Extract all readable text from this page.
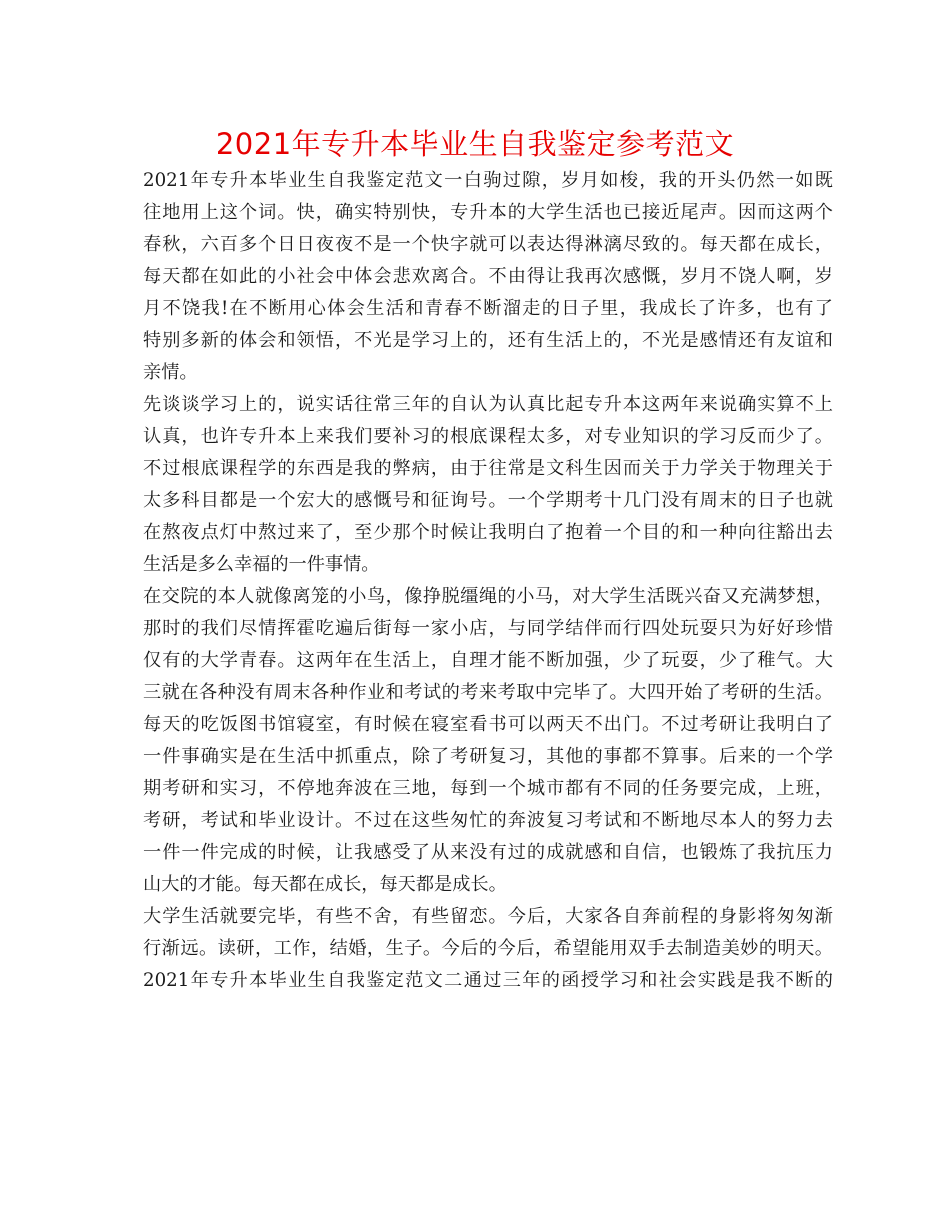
2021年专升本毕业生自我鉴定参考范文
2021年专升本毕业生自我鉴定范文一白驹过隙，岁月如梭，我的开头仍然一如既
往地用上这个词。快，确实特别快，专升本的大学生活也已接近尾声。因而这两个
春秋，六百多个日日夜夜不是一个快字就可以表达得淋漓尽致的。每天都在成长，
每天都在如此的小社会中体会悲欢离合。不由得让我再次感慨，岁月不饶人啊，岁
月不饶我!在不断用心体会生活和青春不断溜走的日子里，我成长了许多，也有了
特别多新的体会和领悟，不光是学习上的，还有生活上的，不光是感情还有友谊和
亲情。
先谈谈学习上的，说实话往常三年的自认为认真比起专升本这两年来说确实算不上
认真，也许专升本上来我们要补习的根底课程太多，对专业知识的学习反而少了。
不过根底课程学的东西是我的弊病，由于往常是文科生因而关于力学关于物理关于
太多科目都是一个宏大的感慨号和征询号。一个学期考十几门没有周末的日子也就
在熬夜点灯中熬过来了，至少那个时候让我明白了抱着一个目的和一种向往豁出去
生活是多么幸福的一件事情。
在交院的本人就像离笼的小鸟，像挣脱缰绳的小马，对大学生活既兴奋又充满梦想，
那时的我们尽情挥霍吃遍后街每一家小店，与同学结伴而行四处玩耍只为好好珍惜
仅有的大学青春。这两年在生活上，自理才能不断加强，少了玩耍，少了稚气。大
三就在各种没有周末各种作业和考试的考来考取中完毕了。大四开始了考研的生活。
每天的吃饭图书馆寝室，有时候在寝室看书可以两天不出门。不过考研让我明白了
一件事确实是在生活中抓重点，除了考研复习，其他的事都不算事。后来的一个学
期考研和实习，不停地奔波在三地，每到一个城市都有不同的任务要完成，上班，
考研，考试和毕业设计。不过在这些匆忙的奔波复习考试和不断地尽本人的努力去
一件一件完成的时候，让我感受了从来没有过的成就感和自信，也锻炼了我抗压力
山大的才能。每天都在成长，每天都是成长。
大学生活就要完毕，有些不舍，有些留恋。今后，大家各自奔前程的身影将匆匆渐
行渐远。读研，工作，结婚，生子。今后的今后，希望能用双手去制造美妙的明天。
2021年专升本毕业生自我鉴定范文二通过三年的函授学习和社会实践是我不断的
